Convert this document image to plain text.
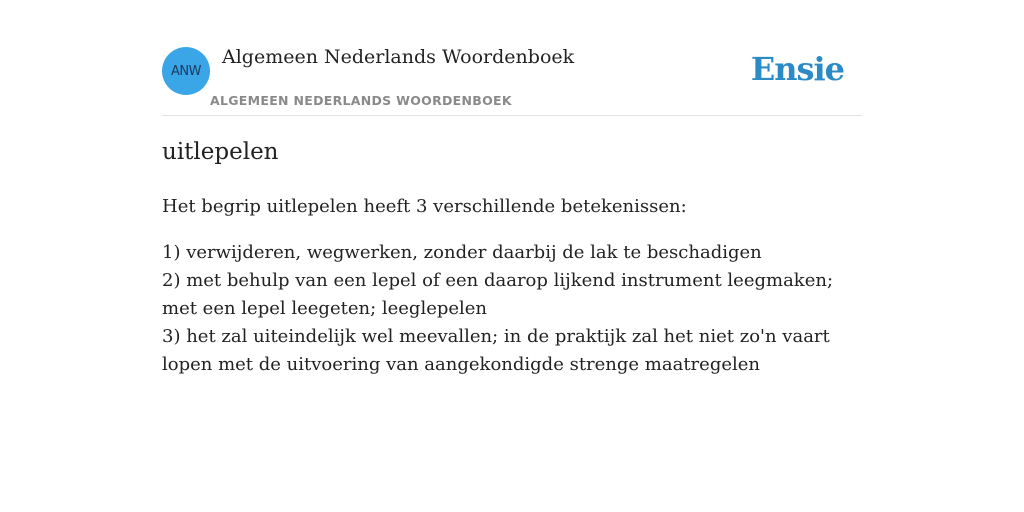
ANW
Algemeen Nederlands Woordenboek
ALGEMEEN NEDERLANDS WOORDENBOEK
Ensie
uitlepelen

Het begrip uitlepelen heeft 3 verschillende betekenissen:

1) verwijderen, wegwerken, zonder daarbij de lak te beschadigen
2) met behulp van een lepel of een daarop lijkend instrument leegmaken; met een lepel leegeten; leeglepelen
3) het zal uiteindelijk wel meevallen; in de praktijk zal het niet zo'n vaart lopen met de uitvoering van aangekondigde strenge maatregelen
